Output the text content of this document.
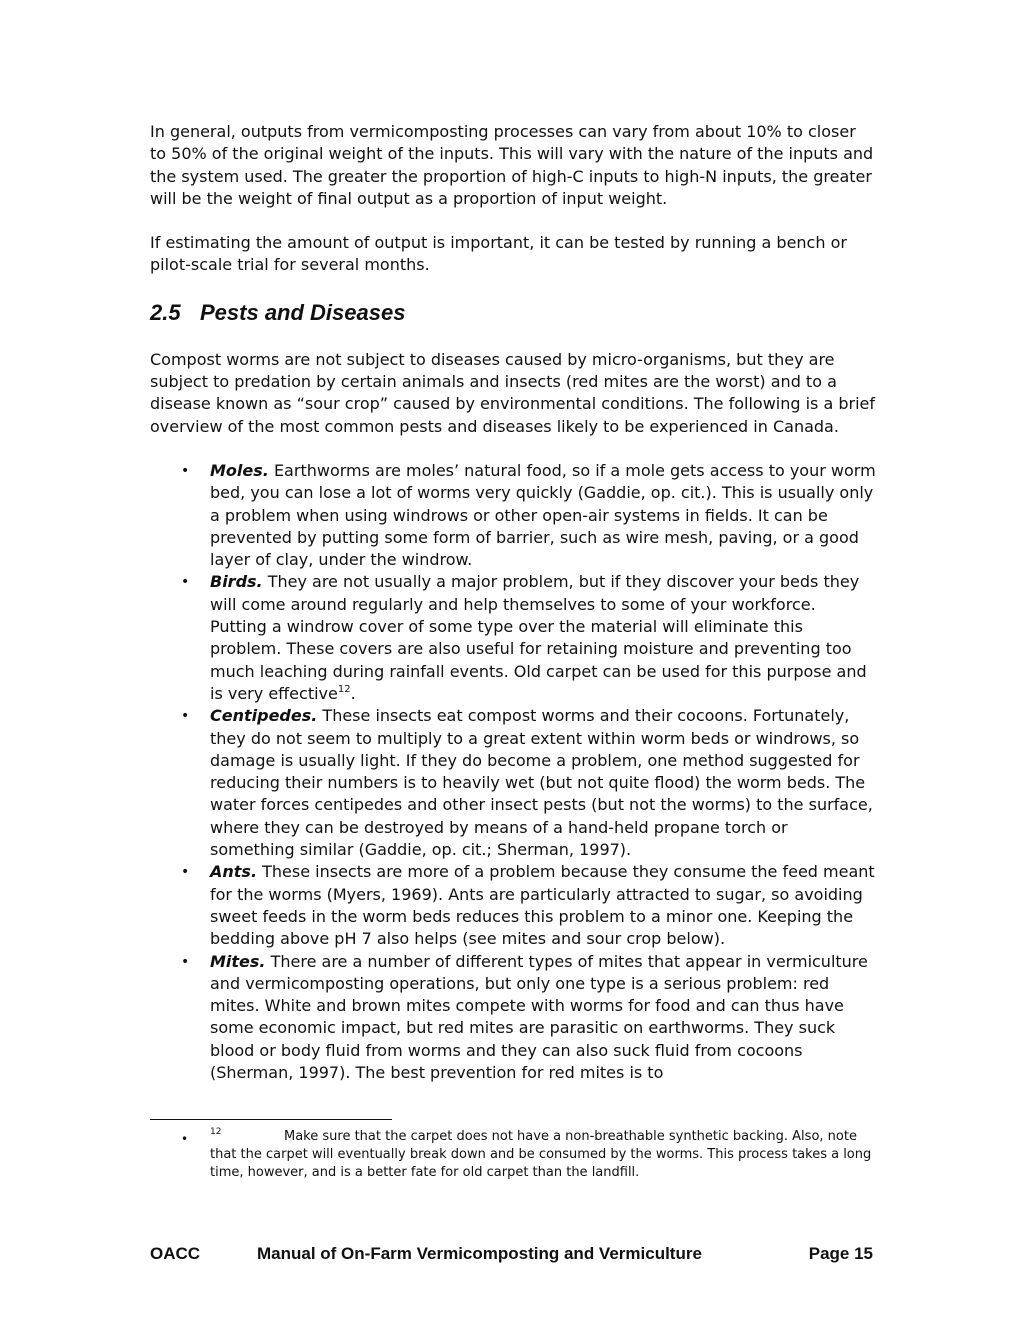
In general, outputs from vermicomposting processes can vary from about 10% to closer to 50% of the original weight of the inputs. This will vary with the nature of the inputs and the system used. The greater the proportion of high-C inputs to high-N inputs, the greater will be the weight of final output as a proportion of input weight.

If estimating the amount of output is important, it can be tested by running a bench or pilot-scale trial for several months.

2.5 Pests and Diseases

Compost worms are not subject to diseases caused by micro-organisms, but they are subject to predation by certain animals and insects (red mites are the worst) and to a disease known as “sour crop” caused by environmental conditions. The following is a brief overview of the most common pests and diseases likely to be experienced in Canada.

• Moles. Earthworms are moles’ natural food, so if a mole gets access to your worm bed, you can lose a lot of worms very quickly (Gaddie, op. cit.). This is usually only a problem when using windrows or other open-air systems in fields. It can be prevented by putting some form of barrier, such as wire mesh, paving, or a good layer of clay, under the windrow.
• Birds. They are not usually a major problem, but if they discover your beds they will come around regularly and help themselves to some of your workforce. Putting a windrow cover of some type over the material will eliminate this problem. These covers are also useful for retaining moisture and preventing too much leaching during rainfall events. Old carpet can be used for this purpose and is very effective$^{12}$.
• Centipedes. These insects eat compost worms and their cocoons. Fortunately, they do not seem to multiply to a great extent within worm beds or windrows, so damage is usually light. If they do become a problem, one method suggested for reducing their numbers is to heavily wet (but not quite flood) the worm beds. The water forces centipedes and other insect pests (but not the worms) to the surface, where they can be destroyed by means of a hand-held propane torch or something similar (Gaddie, op. cit.; Sherman, 1997).
• Ants. These insects are more of a problem because they consume the feed meant for the worms (Myers, 1969). Ants are particularly attracted to sugar, so avoiding sweet feeds in the worm beds reduces this problem to a minor one. Keeping the bedding above pH 7 also helps (see mites and sour crop below).
• Mites. There are a number of different types of mites that appear in vermiculture and vermicomposting operations, but only one type is a serious problem: red mites. White and brown mites compete with worms for food and can thus have some economic impact, but red mites are parasitic on earthworms. They suck blood or body fluid from worms and they can also suck fluid from cocoons (Sherman, 1997). The best prevention for red mites is to
• 12	Make sure that the carpet does not have a non-breathable synthetic backing. Also, note that the carpet will eventually break down and be consumed by the worms. This process takes a long time, however, and is a better fate for old carpet than the landfill.
OACC	Manual of On-Farm Vermicomposting and Vermiculture	Page 15
